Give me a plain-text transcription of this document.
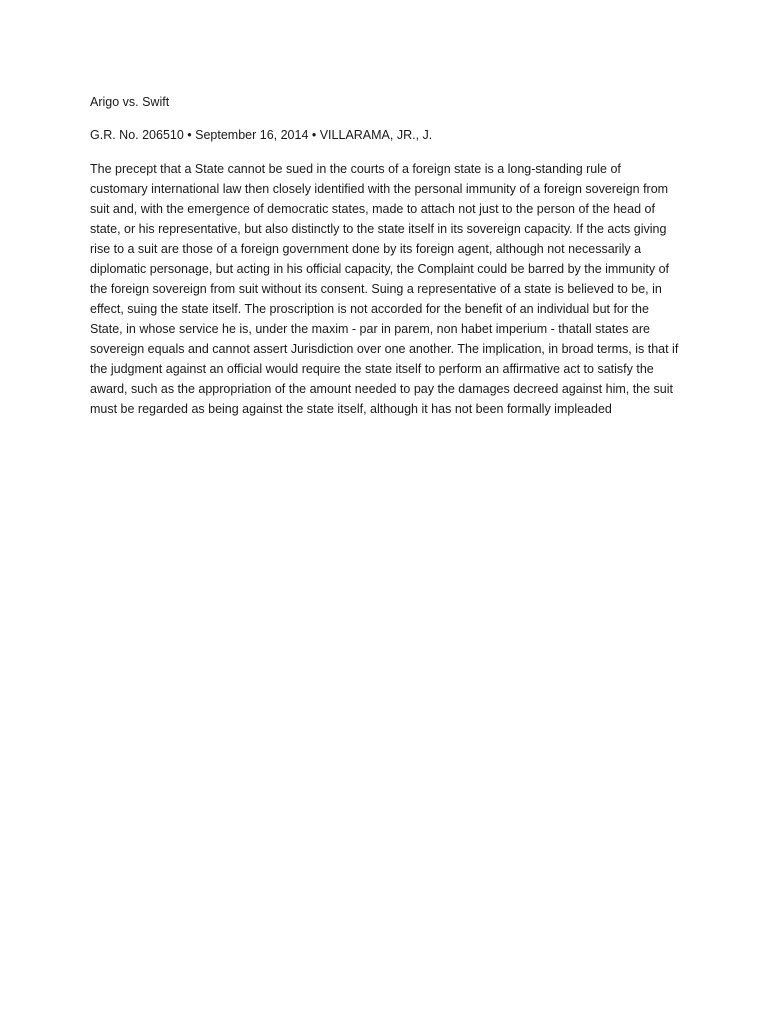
Arigo vs. Swift

G.R. No. 206510 • September 16, 2014 • VILLARAMA, JR., J.

The precept that a State cannot be sued in the courts of a foreign state is a long-standing rule of customary international law then closely identified with the personal immunity of a foreign sovereign from suit and, with the emergence of democratic states, made to attach not just to the person of the head of state, or his representative, but also distinctly to the state itself in its sovereign capacity. If the acts giving rise to a suit are those of a foreign government done by its foreign agent, although not necessarily a diplomatic personage, but acting in his official capacity, the Complaint could be barred by the immunity of the foreign sovereign from suit without its consent. Suing a representative of a state is believed to be, in effect, suing the state itself. The proscription is not accorded for the benefit of an individual but for the State, in whose service he is, under the maxim - par in parem, non habet imperium - thatall states are sovereign equals and cannot assert Jurisdiction over one another. The implication, in broad terms, is that if the judgment against an official would require the state itself to perform an affirmative act to satisfy the award, such as the appropriation of the amount needed to pay the damages decreed against him, the suit must be regarded as being against the state itself, although it has not been formally impleaded
